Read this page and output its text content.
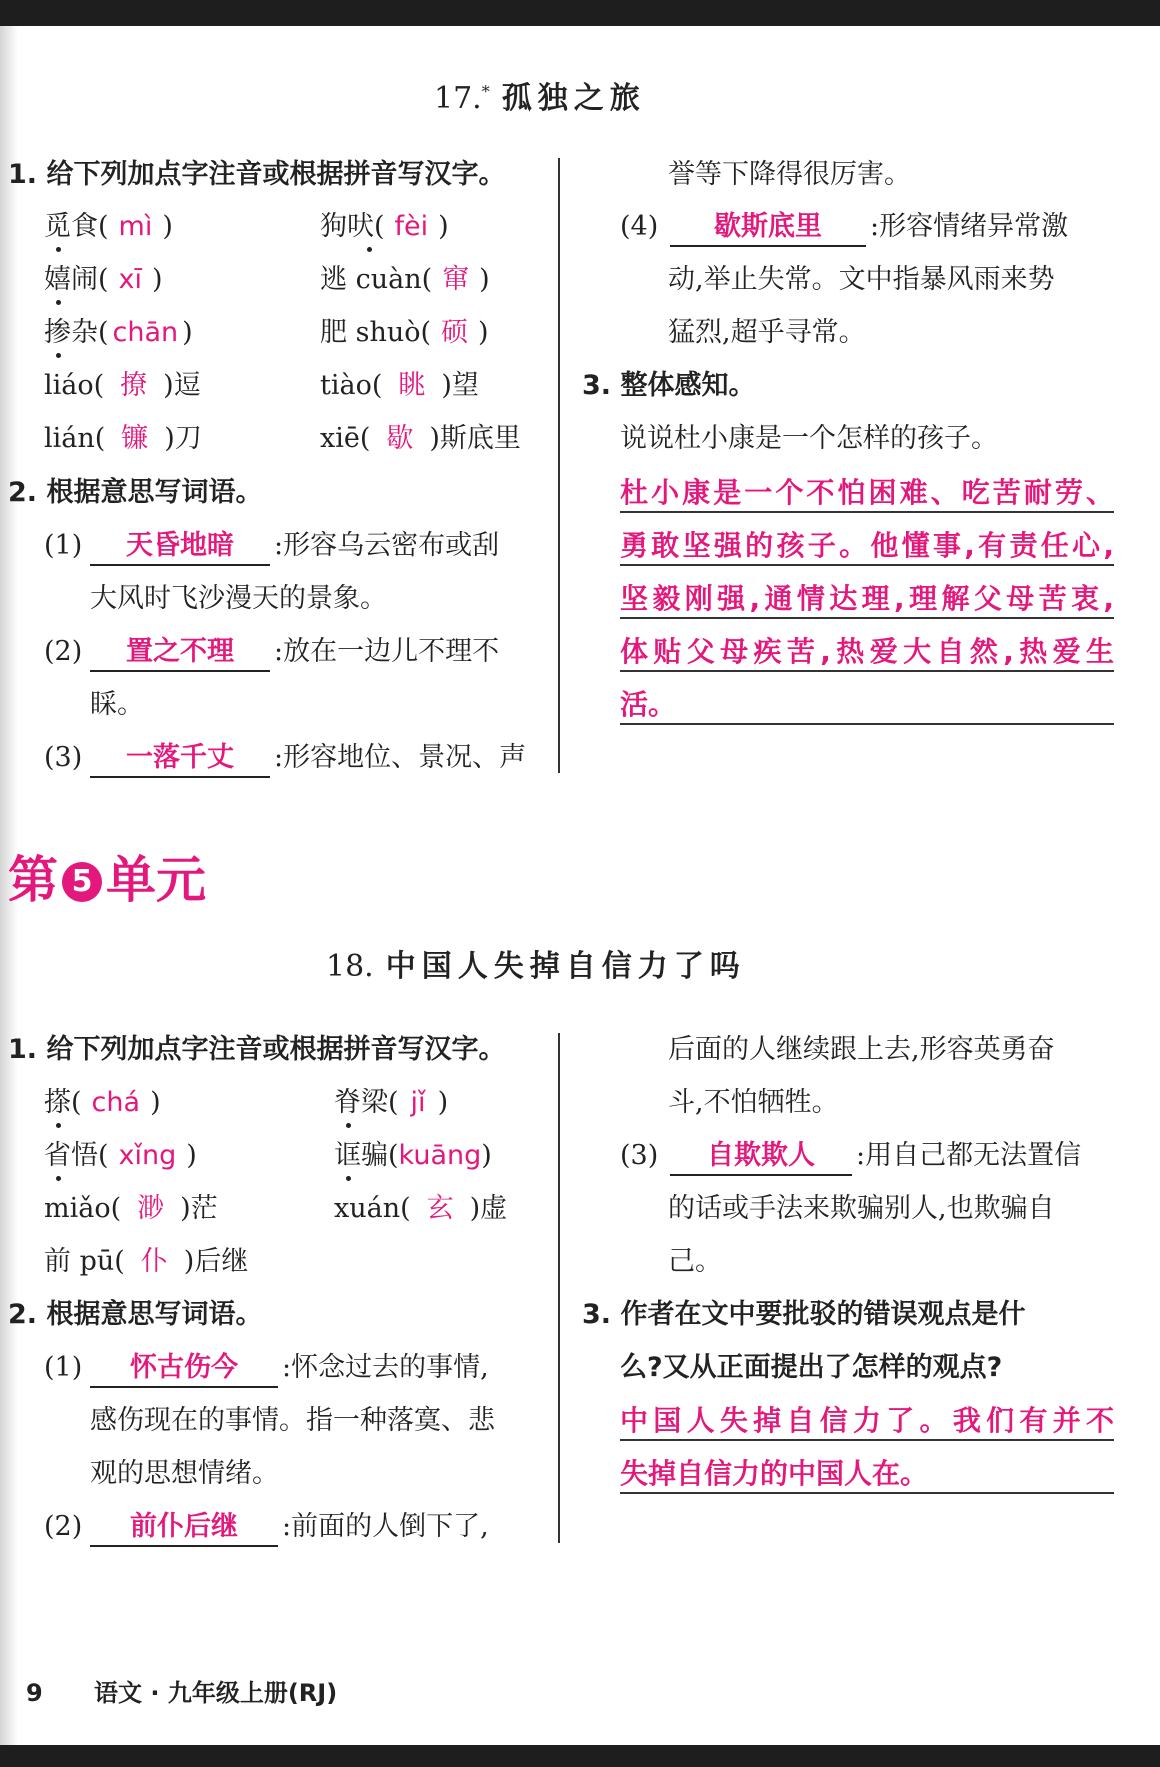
17.* 孤独之旅
1. 给下列加点字注音或根据拼音写汉字。
觅食( mì )	狗吠( fèi )
嬉闹( xī )	逃 cuàn( 窜 )
掺杂( chān )	肥 shuò( 硕 )
liáo( 撩 )逗	tiào( 眺 )望
lián( 镰 )刀	xiē( 歇 )斯底里
2. 根据意思写词语。
(1)	天昏地暗	:形容乌云密布或刮
大风时飞沙漫天的景象。
(2)	置之不理	:放在一边儿不理不
睬。
(3)	一落千丈	:形容地位、景况、声
誉等下降得很厉害。
(4)	歇斯底里	:形容情绪异常激
动,举止失常。文中指暴风雨来势
猛烈,超乎寻常。
3. 整体感知。
说说杜小康是一个怎样的孩子。
杜小康是一个不怕困难、吃苦耐劳、
勇敢坚强的孩子。他懂事,有责任心,
坚毅刚强,通情达理,理解父母苦衷,
体贴父母疾苦,热爱大自然,热爱生
活。
第 5 单元
18. 中国人失掉自信力了吗
1. 给下列加点字注音或根据拼音写汉字。
搽( chá )	脊梁( jǐ )
省悟( xǐng )	诓骗(kuāng)
miǎo( 渺 )茫	xuán( 玄 )虚
前 pū( 仆 )后继
2. 根据意思写词语。
(1)	怀古伤今	:怀念过去的事情,
感伤现在的事情。指一种落寞、悲
观的思想情绪。
(2)	前仆后继	:前面的人倒下了,
后面的人继续跟上去,形容英勇奋
斗,不怕牺牲。
(3)	自欺欺人	:用自己都无法置信
的话或手法来欺骗别人,也欺骗自
己。
3. 作者在文中要批驳的错误观点是什
么?又从正面提出了怎样的观点?
中国人失掉自信力了。我们有并不
失掉自信力的中国人在。
9 语文 · 九年级上册(RJ)
